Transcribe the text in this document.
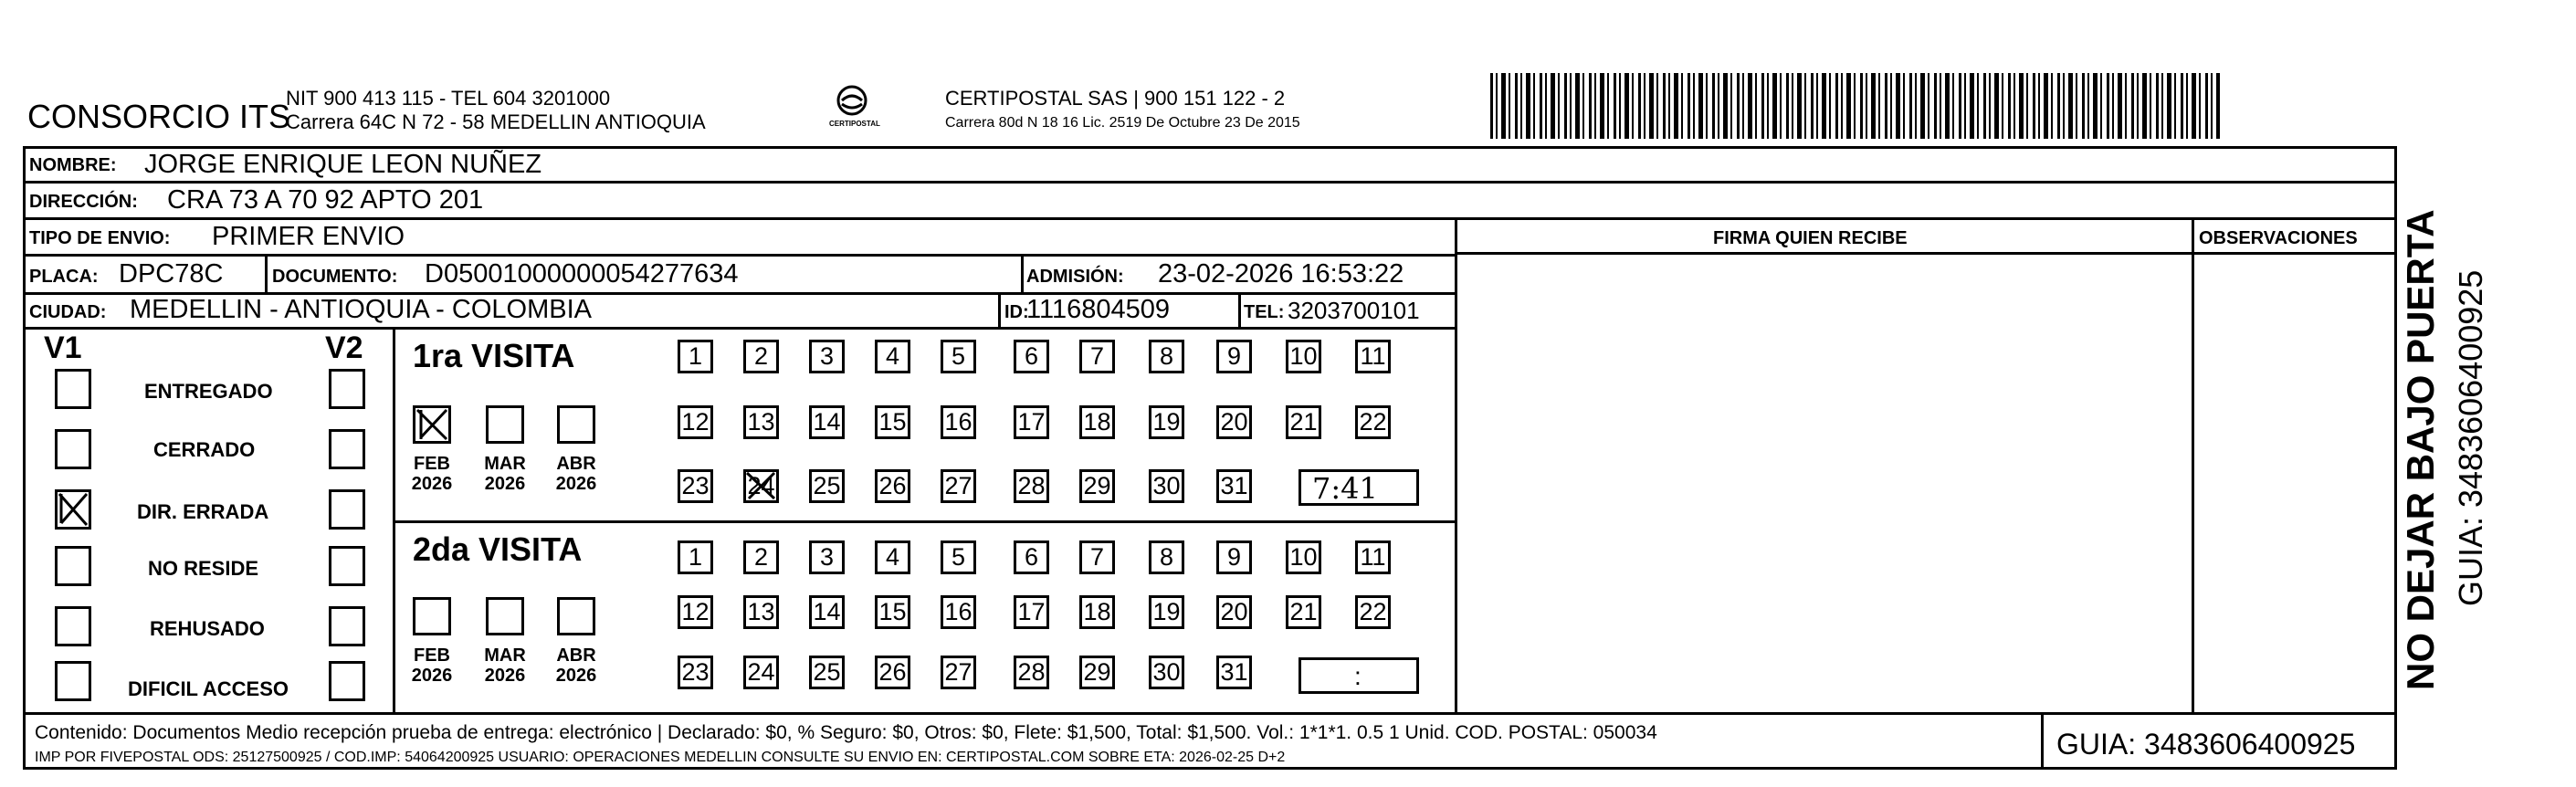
CONSORCIO ITS
NIT 900 413 115 - TEL 604 3201000
Carrera 64C N 72 - 58 MEDELLIN ANTIOQUIA	CERTIPOSTAL
CERTIPOSTAL SAS | 900 151 122 - 2
Carrera 80d N 18 16 Lic. 2519 De Octubre 23 De 2015
NOMBRE: JORGE ENRIQUE LEON NUÑEZ
DIRECCIÓN: CRA 73 A 70 92 APTO 201
TIPO DE ENVIO: PRIMER ENVIO	FIRMA QUIEN RECIBE	OBSERVACIONES
PLACA: DPC78C	DOCUMENTO: D05001000000054277634	ADMISIÓN: 23-02-2026 16:53:22
CIUDAD: MEDELLIN - ANTIOQUIA - COLOMBIA	ID:
1116804509	TEL: 3203700101
V1	V2
ENTREGADO
CERRADO
DIR. ERRADA
NO RESIDE
REHUSADO
DIFICIL ACCESO
1ra VISITA
2da VISITA
FEB
2026
MAR
2026
ABR
2026
FEB
2026
MAR
2026
ABR
2026
7:41
:
Contenido: Documentos Medio recepción prueba de entrega: electrónico | Declarado: $0, % Seguro: $0, Otros: $0, Flete: $1,500, Total: $1,500. Vol.: 1*1*1. 0.5 1 Unid. COD. POSTAL: 050034
IMP POR FIVEPOSTAL ODS: 25127500925 / COD.IMP: 54064200925 USUARIO: OPERACIONES MEDELLIN CONSULTE SU ENVIO EN: CERTIPOSTAL.COM SOBRE ETA: 2026-02-25 D+2	GUIA: 3483606400925
NO DEJAR BAJO PUERTA GUIA: 3483606400925
1	2	3	4	5	6	7	8	9	10 11
12 13 14 15 16 17 18 19 20 21 22
23 24 25 26 27 28 29 30 31
1	2	3	4	5	6	7	8	9	10 11
12 13 14 15 16 17 18 19 20 21 22
23 24 25 26 27 28 29 30 31
